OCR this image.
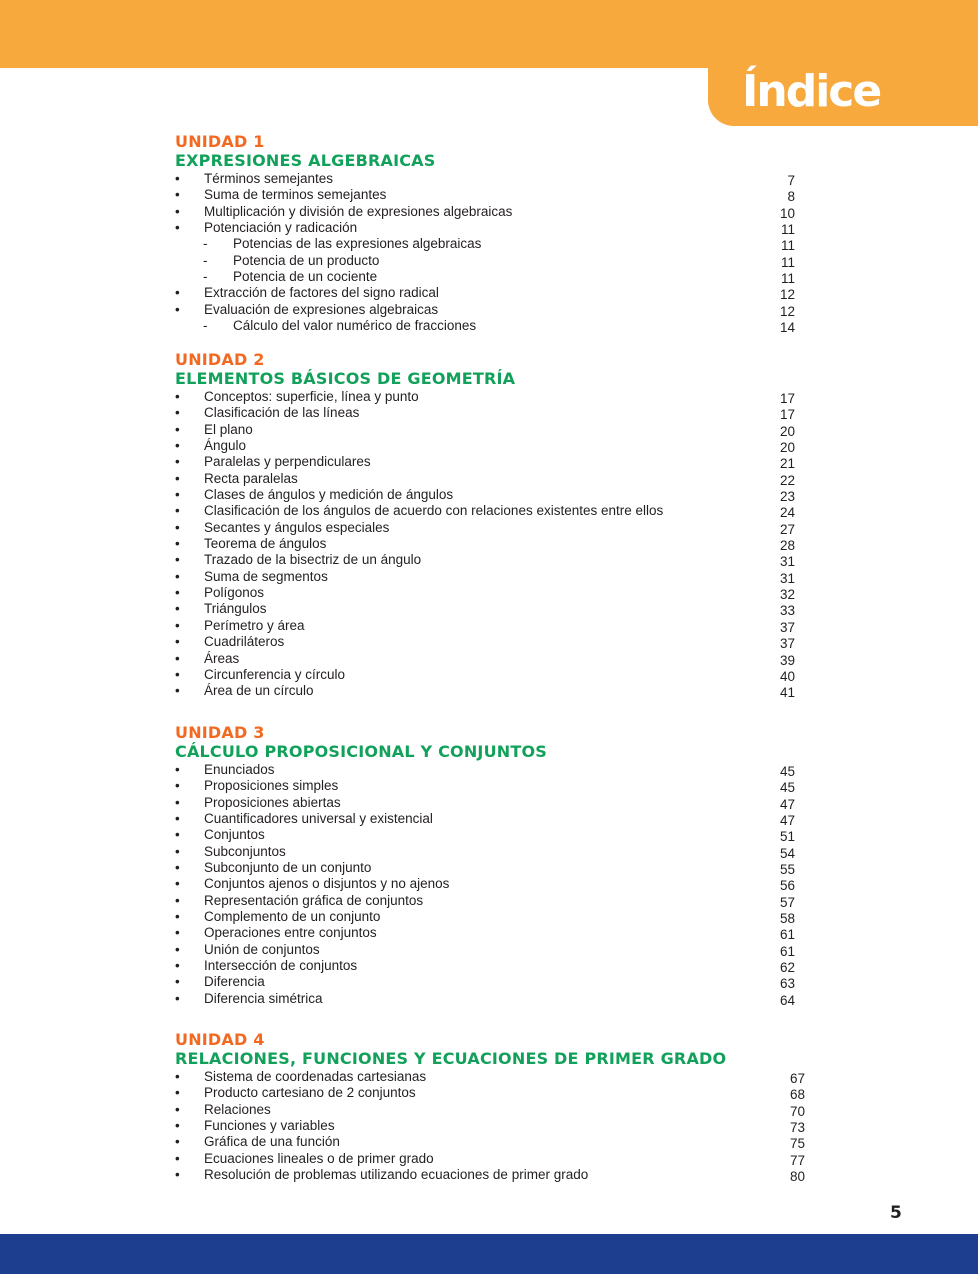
Índice
UNIDAD 1
EXPRESIONES ALGEBRAICAS
• Términos semejantes	7
• Suma de terminos semejantes	8
• Multiplicación y división de expresiones algebraicas	10
• Potenciación y radicación	11
- Potencias de las expresiones algebraicas	11
- Potencia de un producto	11
- Potencia de un cociente	11
• Extracción de factores del signo radical	12
• Evaluación de expresiones algebraicas	12
- Cálculo del valor numérico de fracciones	14
UNIDAD 2
ELEMENTOS BÁSICOS DE GEOMETRÍA
• Conceptos: superficie, línea y punto	17
• Clasificación de las líneas	17
• El plano	20
• Ángulo	20
• Paralelas y perpendiculares	21
• Recta paralelas	22
• Clases de ángulos y medición de ángulos	23
• Clasificación de los ángulos de acuerdo con relaciones existentes entre ellos	24
• Secantes y ángulos especiales	27
• Teorema de ángulos	28
• Trazado de la bisectriz de un ángulo	31
• Suma de segmentos	31
• Polígonos	32
• Triángulos	33
• Perímetro y área	37
• Cuadriláteros	37
• Áreas	39
• Circunferencia y círculo	40
• Área de un círculo	41
UNIDAD 3
CÁLCULO PROPOSICIONAL Y CONJUNTOS
• Enunciados	45
• Proposiciones simples	45
• Proposiciones abiertas	47
• Cuantificadores universal y existencial	47
• Conjuntos	51
• Subconjuntos	54
• Subconjunto de un conjunto	55
• Conjuntos ajenos o disjuntos y no ajenos	56
• Representación gráfica de conjuntos	57
• Complemento de un conjunto	58
• Operaciones entre conjuntos	61
• Unión de conjuntos	61
• Intersección de conjuntos	62
• Diferencia	63
• Diferencia simétrica	64
UNIDAD 4
RELACIONES, FUNCIONES Y ECUACIONES DE PRIMER GRADO
• Sistema de coordenadas cartesianas	67
• Producto cartesiano de 2 conjuntos	68
• Relaciones	70
• Funciones y variables	73
• Gráfica de una función	75
• Ecuaciones lineales o de primer grado	77
• Resolución de problemas utilizando ecuaciones de primer grado	80
5
